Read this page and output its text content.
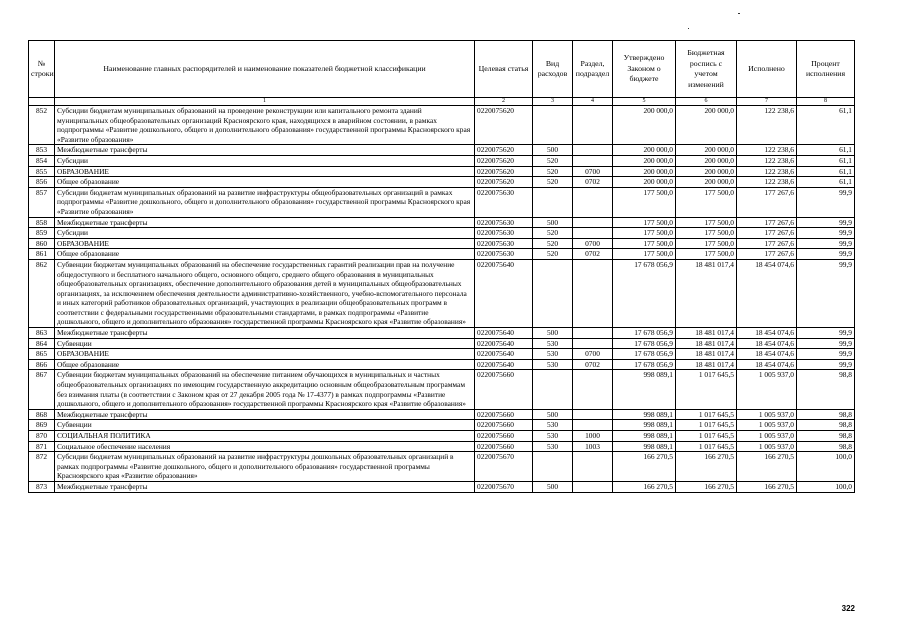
№ строки	Наименование главных распорядителей и наименование показателей бюджетной классификации	Целевая статья	Вид расходов	Раздел, подраздел	Утверждено Законом о бюджете	Бюджетная роспись с учетом изменений	Исполнено	Процент исполнения
	1	2	3	4	5	6	7	8
852	Субсидии бюджетам муниципальных образований на проведение реконструкции или капитального ремонта зданий муниципальных общеобразовательных организаций Красноярского края, находящихся в аварийном состоянии, в рамках подпрограммы «Развитие дошкольного, общего и дополнительного образования» государственной программы Красноярского края «Развитие образования»	0220075620			200 000,0	200 000,0	122 238,6	61,1
853	Межбюджетные трансферты	0220075620	500		200 000,0	200 000,0	122 238,6	61,1
854	Субсидии	0220075620	520		200 000,0	200 000,0	122 238,6	61,1
855	ОБРАЗОВАНИЕ	0220075620	520	0700	200 000,0	200 000,0	122 238,6	61,1
856	Общее образование	0220075620	520	0702	200 000,0	200 000,0	122 238,6	61,1
857	Субсидии бюджетам муниципальных образований на развитие инфраструктуры общеобразовательных организаций в рамках подпрограммы «Развитие дошкольного, общего и дополнительного образования» государственной программы Красноярского края «Развитие образования»	0220075630			177 500,0	177 500,0	177 267,6	99,9
858	Межбюджетные трансферты	0220075630	500		177 500,0	177 500,0	177 267,6	99,9
859	Субсидии	0220075630	520		177 500,0	177 500,0	177 267,6	99,9
860	ОБРАЗОВАНИЕ	0220075630	520	0700	177 500,0	177 500,0	177 267,6	99,9
861	Общее образование	0220075630	520	0702	177 500,0	177 500,0	177 267,6	99,9
862	Субвенции бюджетам муниципальных образований на обеспечение государственных гарантий реализации прав на получение общедоступного и бесплатного начального общего, основного общего, среднего общего образования в муниципальных общеобразовательных организациях, обеспечение дополнительного образования детей в муниципальных общеобразовательных организациях, за исключением обеспечения деятельности административно-хозяйственного, учебно-вспомогательного персонала и иных категорий работников образовательных организаций, участвующих в реализации общеобразовательных программ в соответствии с федеральными государственными образовательными стандартами, в рамках подпрограммы «Развитие дошкольного, общего и дополнительного образования» государственной программы Красноярского края «Развитие образования»	0220075640			17 678 056,9	18 481 017,4	18 454 074,6	99,9
863	Межбюджетные трансферты	0220075640	500		17 678 056,9	18 481 017,4	18 454 074,6	99,9
864	Субвенции	0220075640	530		17 678 056,9	18 481 017,4	18 454 074,6	99,9
865	ОБРАЗОВАНИЕ	0220075640	530	0700	17 678 056,9	18 481 017,4	18 454 074,6	99,9
866	Общее образование	0220075640	530	0702	17 678 056,9	18 481 017,4	18 454 074,6	99,9
867	Субвенции бюджетам муниципальных образований на обеспечение питанием обучающихся в муниципальных и частных общеобразовательных организациях по имеющим государственную аккредитацию основным общеобразовательным программам без взимания платы (в соответствии с Законом края от 27 декабря 2005 года № 17-4377) в рамках подпрограммы «Развитие дошкольного, общего и дополнительного образования» государственной программы Красноярского края «Развитие образования»	0220075660			998 089,1	1 017 645,5	1 005 937,0	98,8
868	Межбюджетные трансферты	0220075660	500		998 089,1	1 017 645,5	1 005 937,0	98,8
869	Субвенции	0220075660	530		998 089,1	1 017 645,5	1 005 937,0	98,8
870	СОЦИАЛЬНАЯ ПОЛИТИКА	0220075660	530	1000	998 089,1	1 017 645,5	1 005 937,0	98,8
871	Социальное обеспечение населения	0220075660	530	1003	998 089,1	1 017 645,5	1 005 937,0	98,8
872	Субсидии бюджетам муниципальных образований на развитие инфраструктуры дошкольных образовательных организаций в рамках подпрограммы «Развитие дошкольного, общего и дополнительного образования» государственной программы Красноярского края «Развитие образования»	0220075670			166 270,5	166 270,5	166 270,5	100,0
873	Межбюджетные трансферты	0220075670	500		166 270,5	166 270,5	166 270,5	100,0
322
